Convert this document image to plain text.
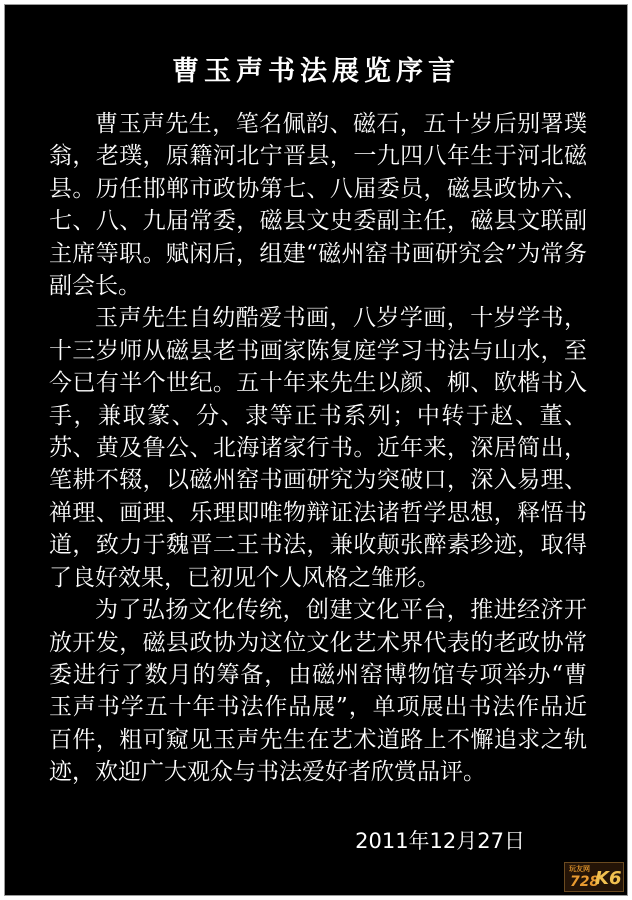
曹玉声书法展览序言

曹玉声先生，笔名佩韵、磁石，五十岁后别署璞翁，老璞，原籍河北宁晋县，一九四八年生于河北磁县。历任邯郸市政协第七、八届委员，磁县政协六、七、八、九届常委，磁县文史委副主任，磁县文联副主席等职。赋闲后，组建“磁州窑书画研究会”为常务副会长。

玉声先生自幼酷爱书画，八岁学画，十岁学书，十三岁师从磁县老书画家陈复庭学习书法与山水，至今已有半个世纪。五十年来先生以颜、柳、欧楷书入手，兼取篆、分、隶等正书系列；中转于赵、董、苏、黄及鲁公、北海诸家行书。近年来，深居简出，笔耕不辍，以磁州窑书画研究为突破口，深入易理、禅理、画理、乐理即唯物辩证法诸哲学思想，释悟书道，致力于魏晋二王书法，兼收颠张醉素珍迹，取得了良好效果，已初见个人风格之雏形。

为了弘扬文化传统，创建文化平台，推进经济开放开发，磁县政协为这位文化艺术界代表的老政协常委进行了数月的筹备，由磁州窑博物馆专项举办“曹玉声书学五十年书法作品展”，单项展出书法作品近百件，粗可窥见玉声先生在艺术道路上不懈追求之轨迹，欢迎广大观众与书法爱好者欣赏品评。

2011年12月27日
玩友网
728
K6
